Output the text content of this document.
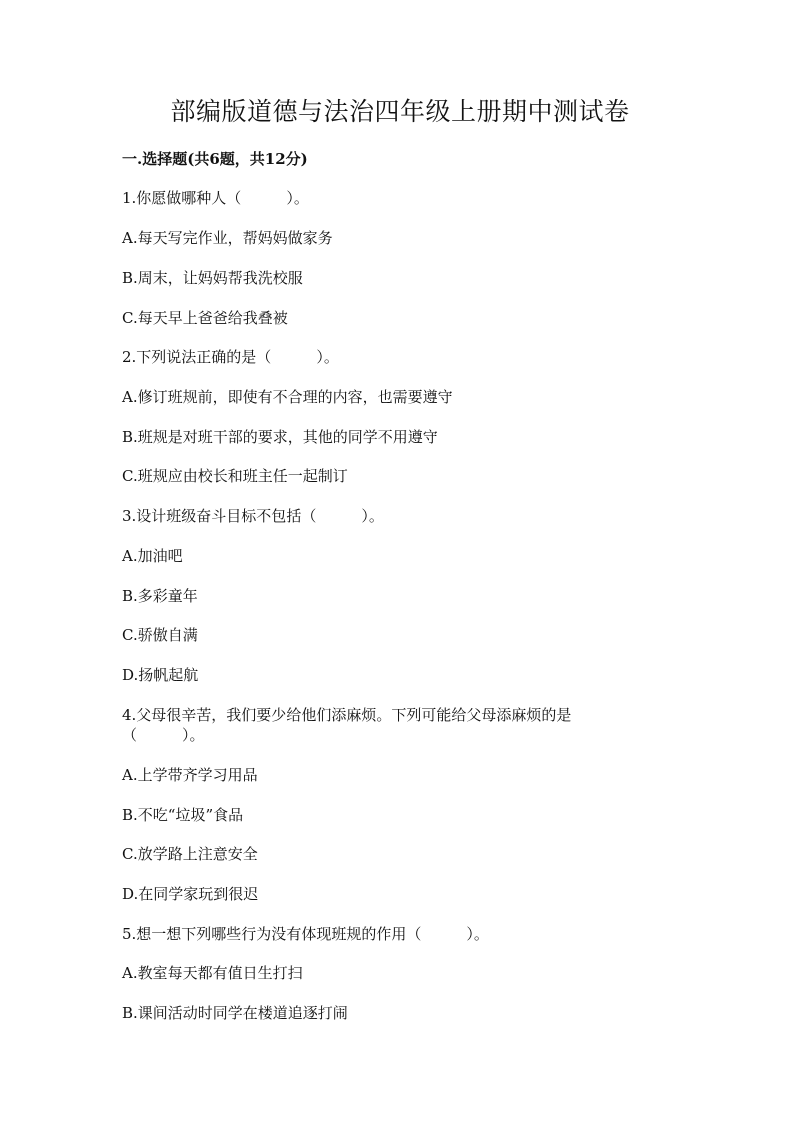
部编版道德与法治四年级上册期中测试卷
一.选择题(共6题，共12分)
1.你愿做哪种人（　　　）。
A.每天写完作业，帮妈妈做家务
B.周末，让妈妈帮我洗校服
C.每天早上爸爸给我叠被
2.下列说法正确的是（　　　）。
A.修订班规前，即使有不合理的内容，也需要遵守
B.班规是对班干部的要求，其他的同学不用遵守
C.班规应由校长和班主任一起制订
3.设计班级奋斗目标不包括（　　　）。
A.加油吧
B.多彩童年
C.骄傲自满
D.扬帆起航
4.父母很辛苦，我们要少给他们添麻烦。下列可能给父母添麻烦的是
（　　　）。
A.上学带齐学习用品
B.不吃“垃圾”食品
C.放学路上注意安全
D.在同学家玩到很迟
5.想一想下列哪些行为没有体现班规的作用（　　　）。
A.教室每天都有值日生打扫
B.课间活动时同学在楼道追逐打闹
